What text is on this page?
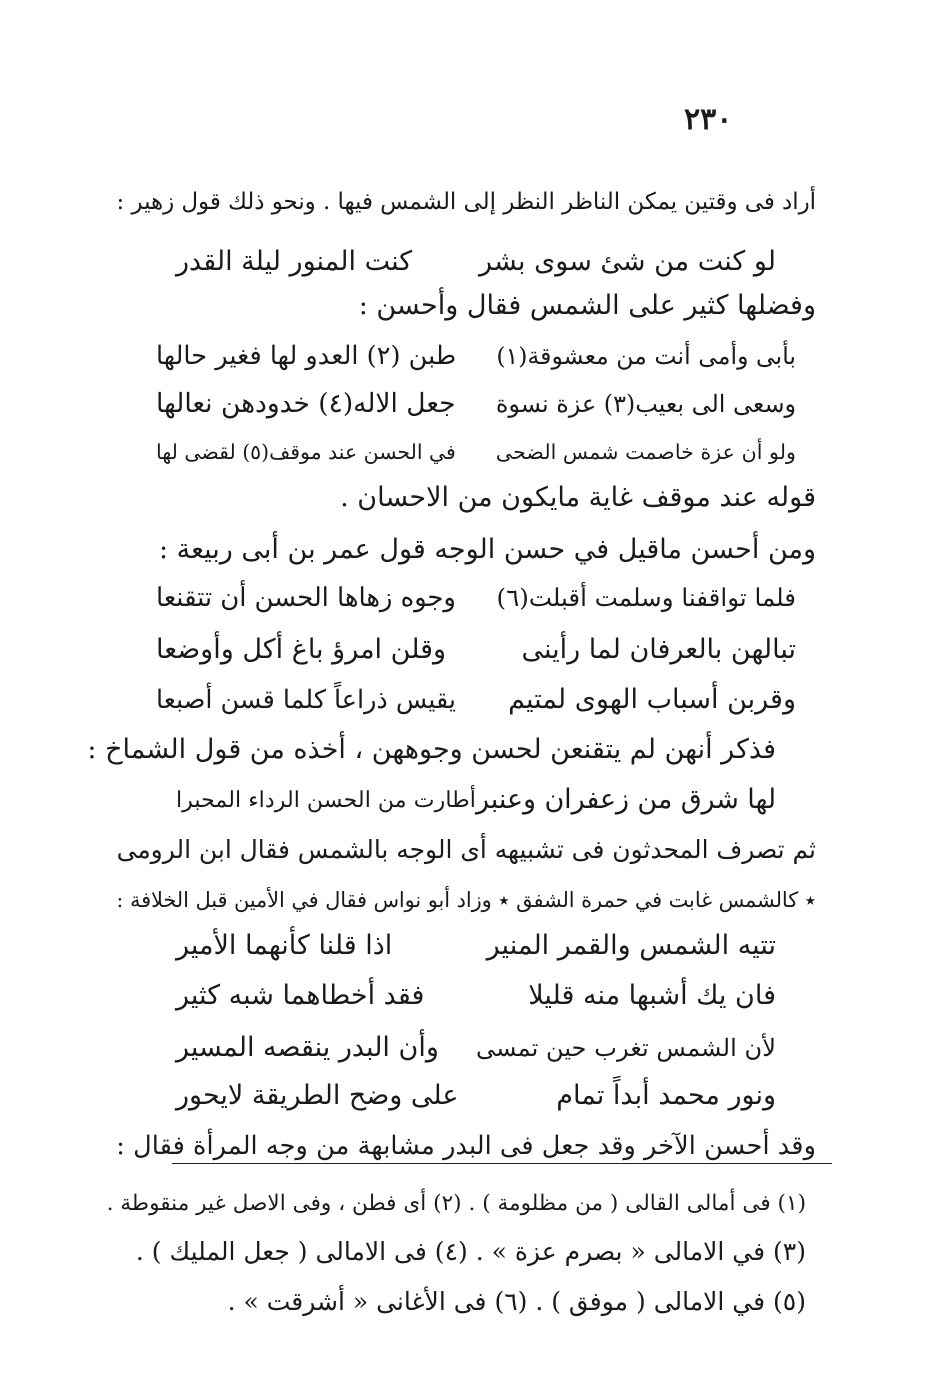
٢٣٠
أراد فى وقتين يمكن الناظر النظر إلى الشمس فيها . ونحو ذلك قول زهير :
لو كنت من شئ سوى بشر
كنت المنور ليلة القدر
وفضلها كثير على الشمس فقال وأحسن :
بأبى وأمى أنت من معشوقة(١)
طبن (٢) العدو لها فغير حالها
وسعى الى بعيب(٣) عزة نسوة
جعل الاله(٤) خدودهن نعالها
ولو أن عزة خاصمت شمس الضحى
في الحسن عند موقف(٥) لقضى لها
قوله عند موقف غاية مايكون من الاحسان .
ومن أحسن ماقيل في حسن الوجه قول عمر بن أبى ربيعة :
فلما تواقفنا وسلمت أقبلت(٦)
وجوه زهاها الحسن أن تتقنعا
تبالهن بالعرفان لما رأينى
وقلن امرؤ باغ أكل وأوضعا
وقربن أسباب الهوى لمتيم
يقيس ذراعاً كلما قسن أصبعا
فذكر أنهن لم يتقنعن لحسن وجوههن ، أخذه من قول الشماخ :
لها شرق من زعفران وعنبر
أطارت من الحسن الرداء المحبرا
ثم تصرف المحدثون فى تشبيهه أى الوجه بالشمس فقال ابن الرومى
٭ كالشمس غابت في حمرة الشفق ٭ وزاد أبو نواس فقال في الأمين قبل الخلافة :
تتيه الشمس والقمر المنير
اذا قلنا كأنهما الأمير
فان يك أشبها منه قليلا
فقد أخطاهما شبه كثير
لأن الشمس تغرب حين تمسى
وأن البدر ينقصه المسير
ونور محمد أبداً تمام
على وضح الطريقة لايحور
وقد أحسن الآخر وقد جعل فى البدر مشابهة من وجه المرأة فقال :
(١) فى أمالى القالى ( من مظلومة ) . (٢) أى فطن ، وفى الاصل غير منقوطة .
(٣) في الامالى « بصرم عزة » . (٤) فى الامالى ( جعل المليك ) .
(٥) في الامالى ( موفق ) . (٦) فى الأغانى « أشرقت » .
